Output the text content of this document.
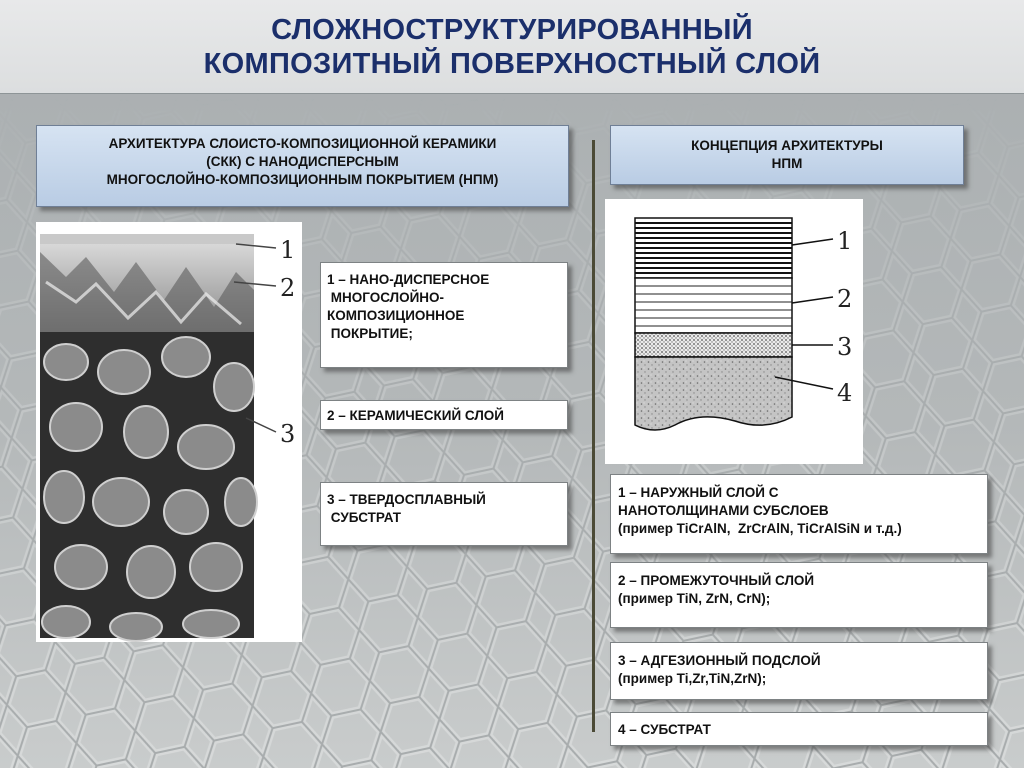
СЛОЖНОСТРУКТУРИРОВАННЫЙ
КОМПОЗИТНЫЙ ПОВЕРХНОСТНЫЙ СЛОЙ
АРХИТЕКТУРА СЛОИСТО-КОМПОЗИЦИОННОЙ КЕРАМИКИ
(СКК) С НАНОДИСПЕРСНЫМ
МНОГОСЛОЙНО-КОМПОЗИЦИОННЫМ ПОКРЫТИЕМ (НПМ)
КОНЦЕПЦИЯ АРХИТЕКТУРЫ
НПМ
1
2
3
1 – НАНО-ДИСПЕРСНОЕ
МНОГОСЛОЙНО-
КОМПОЗИЦИОННОЕ
ПОКРЫТИЕ;
2 – КЕРАМИЧЕСКИЙ СЛОЙ
3 – ТВЕРДОСПЛАВНЫЙ
СУБСТРАТ
1
2
3
4
1 – НАРУЖНЫЙ СЛОЙ С
НАНОТОЛЩИНАМИ СУБСЛОЕВ
(пример TiCrAlN,  ZrCrAlN, TiCrAlSiN и т.д.)
2 – ПРОМЕЖУТОЧНЫЙ СЛОЙ
(пример TiN, ZrN, CrN);
3 – АДГЕЗИОННЫЙ ПОДСЛОЙ
(пример Ti,Zr,TiN,ZrN);
4 – СУБСТРАТ
